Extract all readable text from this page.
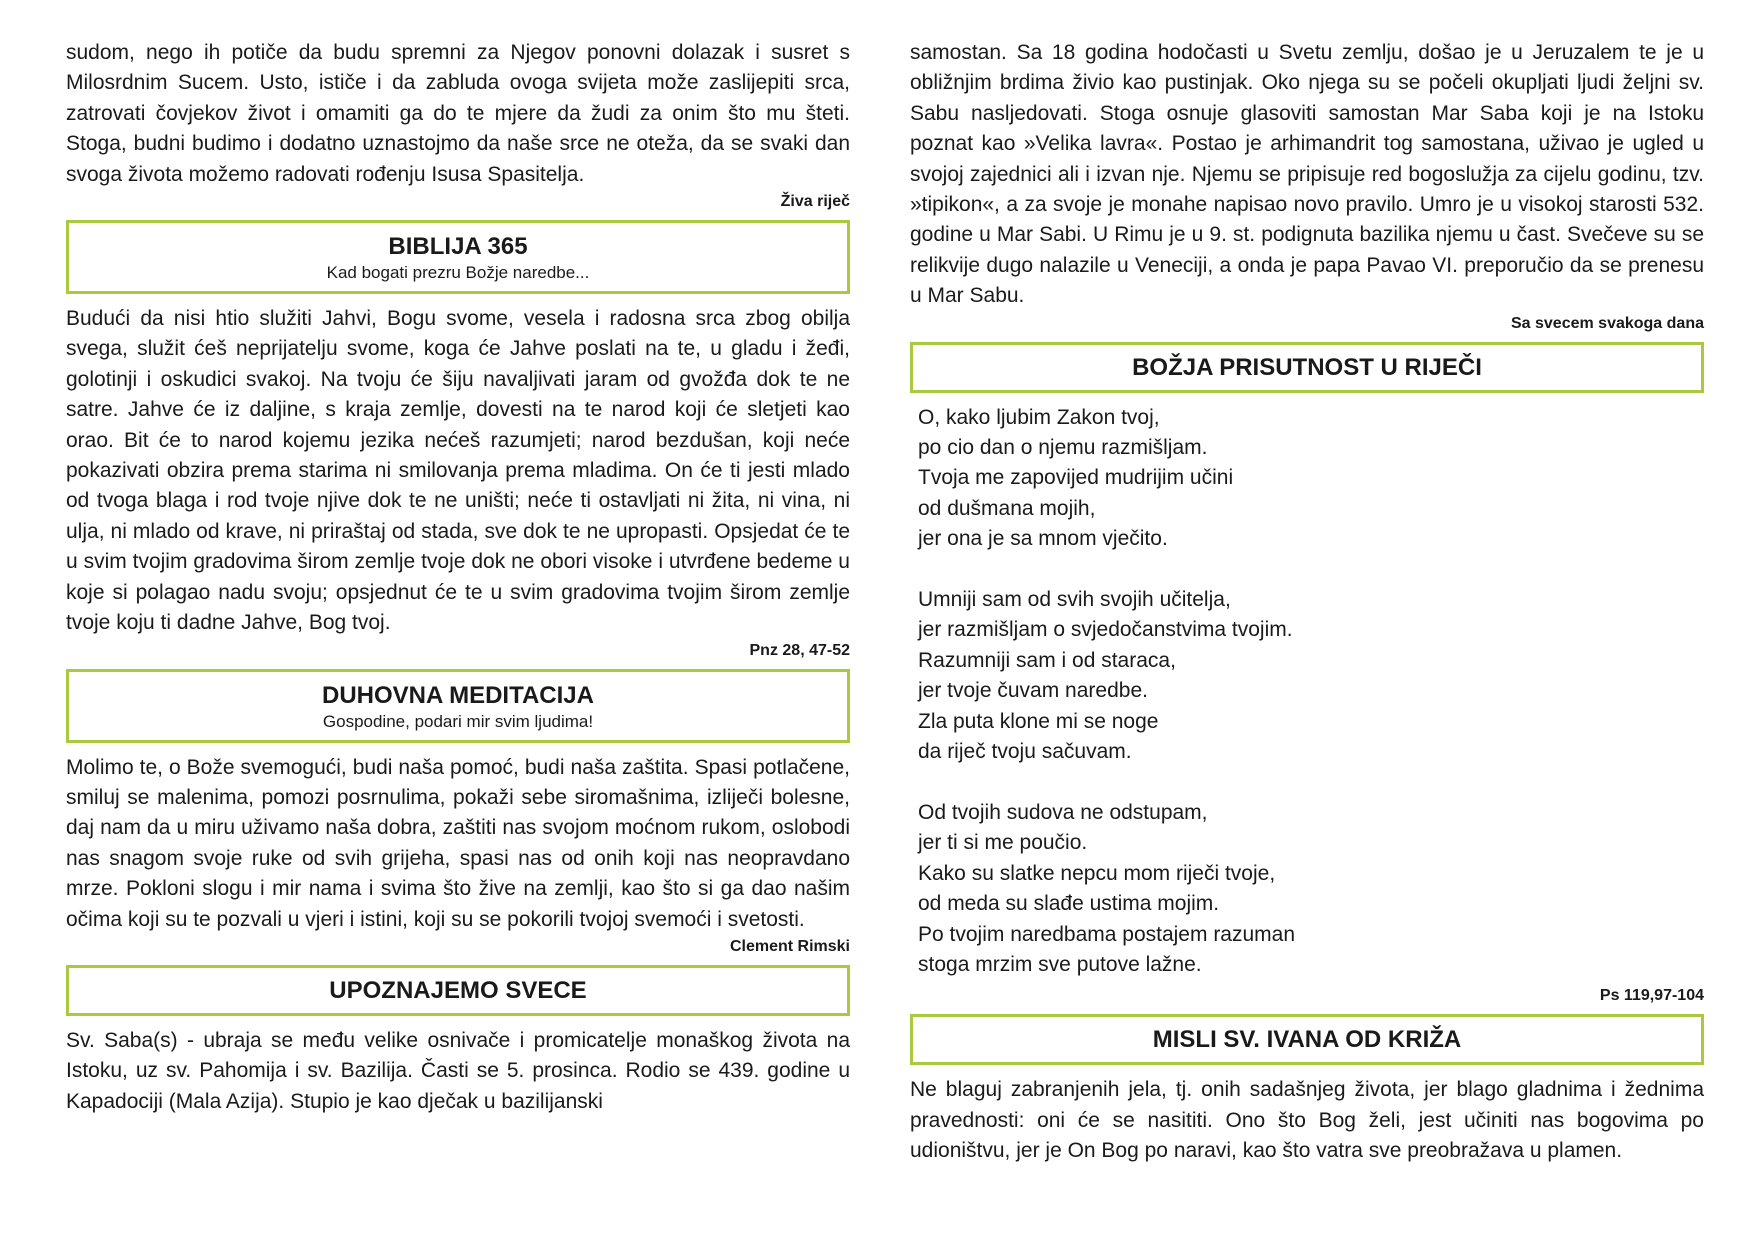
sudom, nego ih potiče da budu spremni za Njegov ponovni dolazak i susret s Milosrdnim Sucem. Usto, ističe i da zabluda ovoga svijeta može zaslijepiti srca, zatrovati čovjekov život i omamiti ga do te mjere da žudi za onim što mu šteti. Stoga, budni budimo i dodatno uznastojmo da naše srce ne oteža, da se svaki dan svoga života možemo radovati rođenju Isusa Spasitelja.

Živa riječ
BIBLIJA 365
Kad bogati prezru Božje naredbe...

Budući da nisi htio služiti Jahvi, Bogu svome, vesela i radosna srca zbog obilja svega, služit ćeš neprijatelju svome, koga će Jahve poslati na te, u gladu i žeđi, golotinji i oskudici svakoj. Na tvoju će šiju navaljivati jaram od gvožđa dok te ne satre. Jahve će iz daljine, s kraja zemlje, dovesti na te narod koji će sletjeti kao orao. Bit će to narod kojemu jezika nećeš razumjeti; narod bezdušan, koji neće pokazivati obzira prema starima ni smilovanja prema mladima. On će ti jesti mlado od tvoga blaga i rod tvoje njive dok te ne uništi; neće ti ostavljati ni žita, ni vina, ni ulja, ni mlado od krave, ni priraštaj od stada, sve dok te ne upropasti. Opsjedat će te u svim tvojim gradovima širom zemlje tvoje dok ne obori visoke i utvrđene bedeme u koje si polagao nadu svoju; opsjednut će te u svim gradovima tvojim širom zemlje tvoje koju ti dadne Jahve, Bog tvoj.

Pnz 28, 47-52
DUHOVNA MEDITACIJA
Gospodine, podari mir svim ljudima!

Molimo te, o Bože svemogući, budi naša pomoć, budi naša zaštita. Spasi potlačene, smiluj se malenima, pomozi posrnulima, pokaži sebe siromašnima, izliječi bolesne, daj nam da u miru uživamo naša dobra, zaštiti nas svojom moćnom rukom, oslobodi nas snagom svoje ruke od svih grijeha, spasi nas od onih koji nas neopravdano mrze. Pokloni slogu i mir nama i svima što žive na zemlji, kao što si ga dao našim očima koji su te pozvali u vjeri i istini, koji su se pokorili tvojoj svemoći i svetosti.

Clement Rimski
UPOZNAJEMO SVECE

Sv. Saba(s) - ubraja se među velike osnivače i promicatelje monaškog života na Istoku, uz sv. Pahomija i sv. Bazilija. Časti se 5. prosinca. Rodio se 439. godine u Kapadociji (Mala Azija). Stupio je kao dječak u bazilijanski

samostan. Sa 18 godina hodočasti u Svetu zemlju, došao je u Jeruzalem te je u obližnjim brdima živio kao pustinjak. Oko njega su se počeli okupljati ljudi željni sv. Sabu nasljedovati. Stoga osnuje glasoviti samostan Mar Saba koji je na Istoku poznat kao »Velika lavra«. Postao je arhimandrit tog samostana, uživao je ugled u svojoj zajednici ali i izvan nje. Njemu se pripisuje red bogoslužja za cijelu godinu, tzv. »tipikon«, a za svoje je monahe napisao novo pravilo. Umro je u visokoj starosti 532. godine u Mar Sabi. U Rimu je u 9. st. podignuta bazilika njemu u čast. Svečeve su se relikvije dugo nalazile u Veneciji, a onda je papa Pavao VI. preporučio da se prenesu u Mar Sabu.

Sa svecem svakoga dana
BOŽJA PRISUTNOST U RIJEČI
O, kako ljubim Zakon tvoj,
po cio dan o njemu razmišljam.
Tvoja me zapovijed mudrijim učini
od dušmana mojih,
jer ona je sa mnom vječito.
Umniji sam od svih svojih učitelja,
jer razmišljam o svjedočanstvima tvojim.
Razumniji sam i od staraca,
jer tvoje čuvam naredbe.
Zla puta klone mi se noge
da riječ tvoju sačuvam.
Od tvojih sudova ne odstupam,
jer ti si me poučio.
Kako su slatke nepcu mom riječi tvoje,
od meda su slađe ustima mojim.
Po tvojim naredbama postajem razuman
stoga mrzim sve putove lažne.
Ps 119,97-104
MISLI SV. IVANA OD KRIŽA

Ne blaguj zabranjenih jela, tj. onih sadašnjeg života, jer blago gladnima i žednima pravednosti: oni će se nasititi. Ono što Bog želi, jest učiniti nas bogovima po udioništvu, jer je On Bog po naravi, kao što vatra sve preobražava u plamen.
